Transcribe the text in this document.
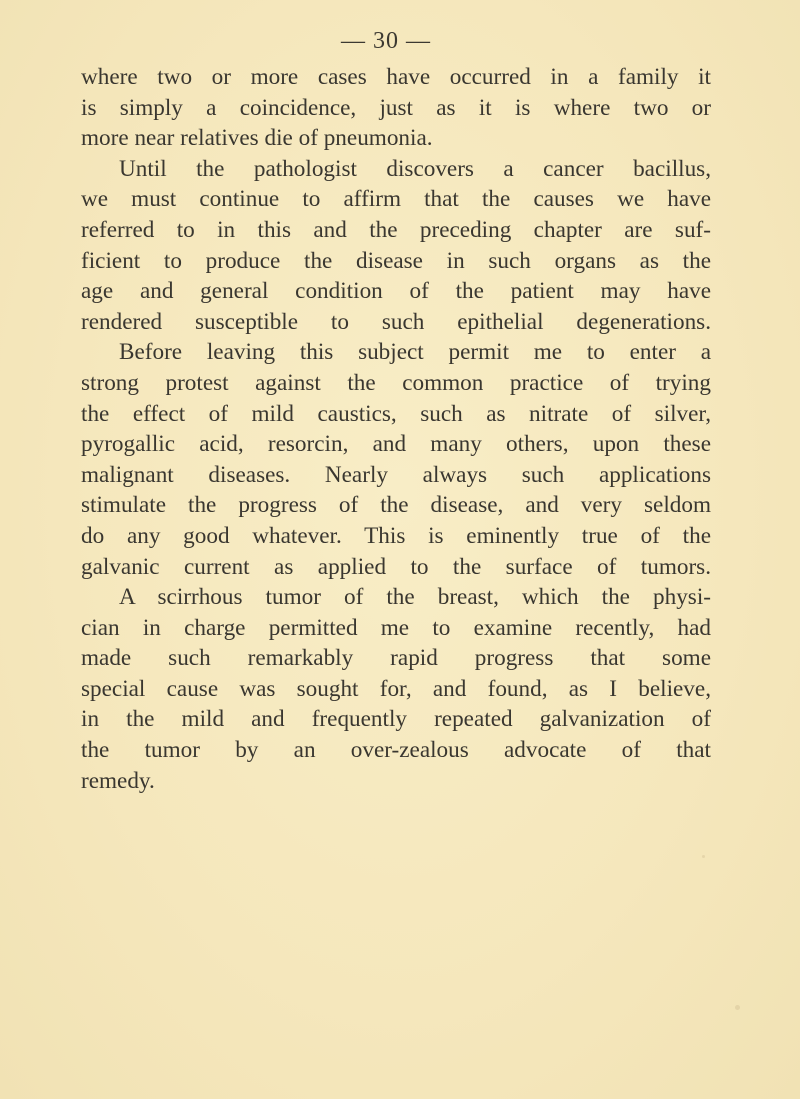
— 30 —
where two or more cases have occurred in a family it
is simply a coincidence, just as it is where two or
more near relatives die of pneumonia.
Until the pathologist discovers a cancer bacillus,
we must continue to affirm that the causes we have
referred to in this and the preceding chapter are suf-
ficient to produce the disease in such organs as the
age and general condition of the patient may have
rendered susceptible to such epithelial degenerations.
Before leaving this subject permit me to enter a
strong protest against the common practice of trying
the effect of mild caustics, such as nitrate of silver,
pyrogallic acid, resorcin, and many others, upon these
malignant diseases. Nearly always such applications
stimulate the progress of the disease, and very seldom
do any good whatever. This is eminently true of the
galvanic current as applied to the surface of tumors.
A scirrhous tumor of the breast, which the physi-
cian in charge permitted me to examine recently, had
made such remarkably rapid progress that some
special cause was sought for, and found, as I believe,
in the mild and frequently repeated galvanization of
the tumor by an over-zealous advocate of that
remedy.
